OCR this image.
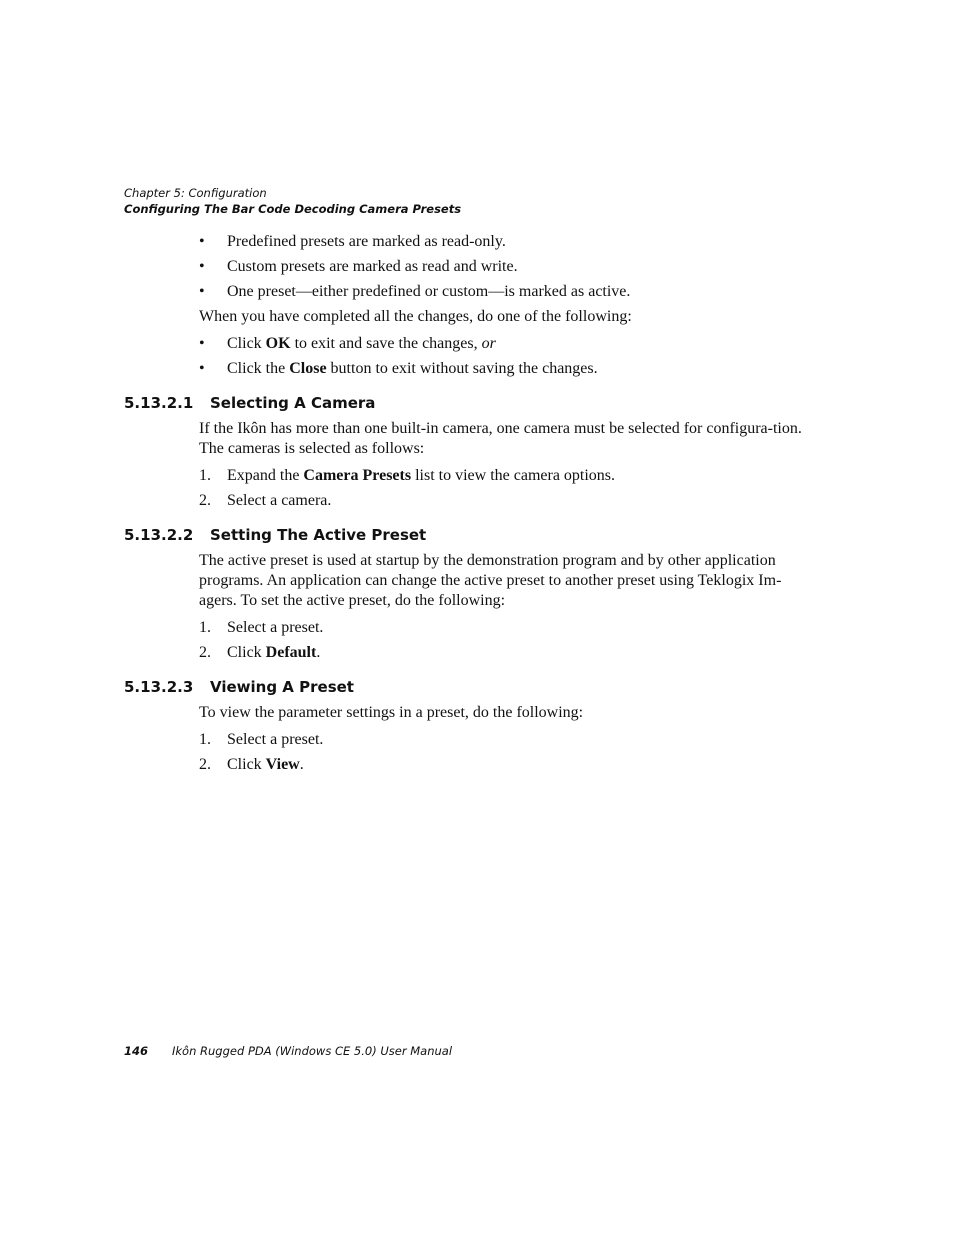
Chapter 5: Configuration
Configuring The Bar Code Decoding Camera Presets
• Predefined presets are marked as read-only.
• Custom presets are marked as read and write.
• One preset—either predefined or custom—is marked as active.
When you have completed all the changes, do one of the following:
• Click OK to exit and save the changes, or
• Click the Close button to exit without saving the changes.
5.13.2.1 Selecting A Camera
If the Ikôn has more than one built-in camera, one camera must be selected for configura-tion. The cameras is selected as follows:
1. Expand the Camera Presets list to view the camera options.
2. Select a camera.
5.13.2.2 Setting The Active Preset
The active preset is used at startup by the demonstration program and by other application programs. An application can change the active preset to another preset using Teklogix Im-agers. To set the active preset, do the following:
1. Select a preset.
2. Click Default.
5.13.2.3 Viewing A Preset
To view the parameter settings in a preset, do the following:
1. Select a preset.
2. Click View.
146 Ikôn Rugged PDA (Windows CE 5.0) User Manual
